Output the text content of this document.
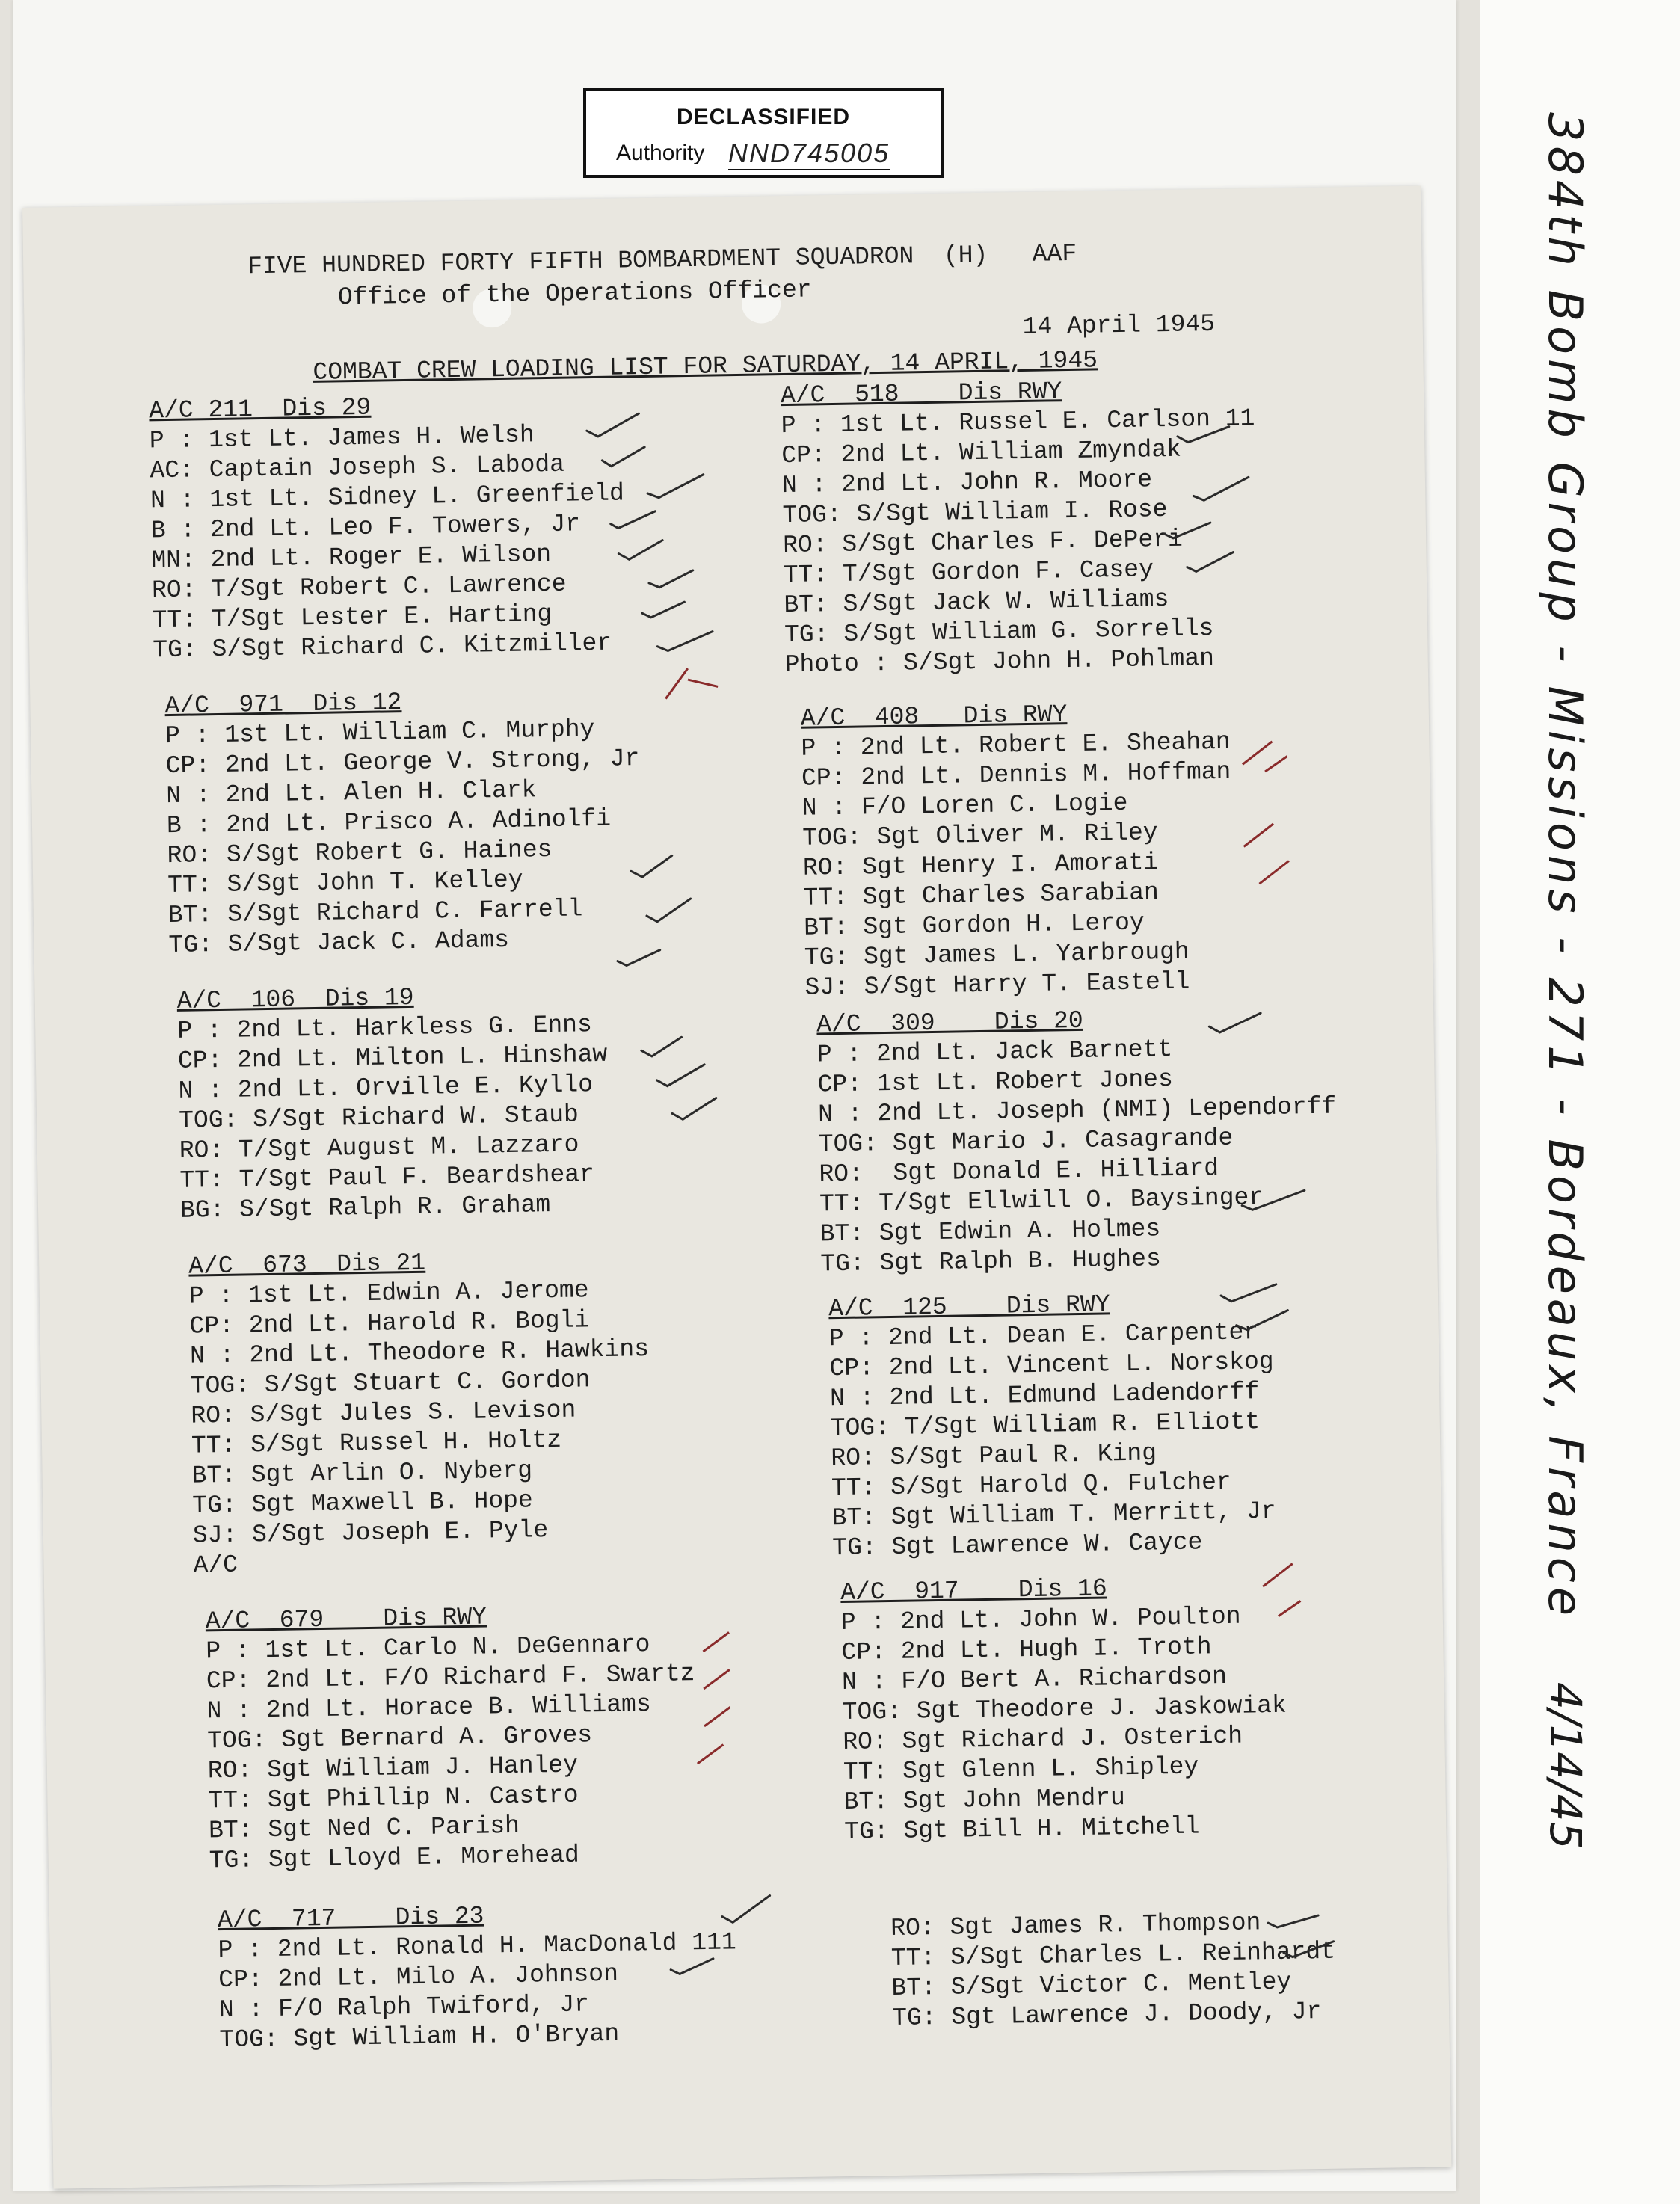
DECLASSIFIED
Authority NND745005	384th Bomb Group - Missions - 271 - Bordeaux, France
4/14/45
FIVE HUNDRED FORTY FIFTH BOMBARDMENT SQUADRON  (H)   AAF
Office of the Operations Officer
14 April 1945
COMBAT CREW LOADING LIST FOR SATURDAY, 14 APRIL, 1945
A/C 211  Dis 29
P : 1st Lt. James H. Welsh
AC: Captain Joseph S. Laboda
N : 1st Lt. Sidney L. Greenfield
B : 2nd Lt. Leo F. Towers, Jr
MN: 2nd Lt. Roger E. Wilson
RO: T/Sgt Robert C. Lawrence
TT: T/Sgt Lester E. Harting
TG: S/Sgt Richard C. Kitzmiller
A/C  971  Dis 12
P : 1st Lt. William C. Murphy
CP: 2nd Lt. George V. Strong, Jr
N : 2nd Lt. Alen H. Clark
B : 2nd Lt. Prisco A. Adinolfi
RO: S/Sgt Robert G. Haines
TT: S/Sgt John T. Kelley
BT: S/Sgt Richard C. Farrell
TG: S/Sgt Jack C. Adams
A/C  106  Dis 19
P : 2nd Lt. Harkless G. Enns
CP: 2nd Lt. Milton L. Hinshaw
N : 2nd Lt. Orville E. Kyllo
TOG: S/Sgt Richard W. Staub
RO: T/Sgt August M. Lazzaro
TT: T/Sgt Paul F. Beardshear
BG: S/Sgt Ralph R. Graham
A/C  673  Dis 21
P : 1st Lt. Edwin A. Jerome
CP: 2nd Lt. Harold R. Bogli
N : 2nd Lt. Theodore R. Hawkins
TOG: S/Sgt Stuart C. Gordon
RO: S/Sgt Jules S. Levison
TT: S/Sgt Russel H. Holtz
BT: Sgt Arlin O. Nyberg
TG: Sgt Maxwell B. Hope
SJ: S/Sgt Joseph E. Pyle
A/C
A/C  679    Dis RWY
P : 1st Lt. Carlo N. DeGennaro
CP: 2nd Lt. F/O Richard F. Swartz
N : 2nd Lt. Horace B. Williams
TOG: Sgt Bernard A. Groves
RO: Sgt William J. Hanley
TT: Sgt Phillip N. Castro
BT: Sgt Ned C. Parish
TG: Sgt Lloyd E. Morehead
A/C  717    Dis 23
P : 2nd Lt. Ronald H. MacDonald 111
CP: 2nd Lt. Milo A. Johnson
N : F/O Ralph Twiford, Jr
TOG: Sgt William H. O'Bryan
A/C  518    Dis RWY
P : 1st Lt. Russel E. Carlson 11
CP: 2nd Lt. William Zmyndak
N : 2nd Lt. John R. Moore
TOG: S/Sgt William I. Rose
RO: S/Sgt Charles F. DePeri
TT: T/Sgt Gordon F. Casey
BT: S/Sgt Jack W. Williams
TG: S/Sgt William G. Sorrells
Photo : S/Sgt John H. Pohlman
A/C  408   Dis RWY
P : 2nd Lt. Robert E. Sheahan
CP: 2nd Lt. Dennis M. Hoffman
N : F/O Loren C. Logie
TOG: Sgt Oliver M. Riley
RO: Sgt Henry I. Amorati
TT: Sgt Charles Sarabian
BT: Sgt Gordon H. Leroy
TG: Sgt James L. Yarbrough
SJ: S/Sgt Harry T. Eastell
A/C  309    Dis 20
P : 2nd Lt. Jack Barnett
CP: 1st Lt. Robert Jones
N : 2nd Lt. Joseph (NMI) Lependorff
TOG: Sgt Mario J. Casagrande
RO:  Sgt Donald E. Hilliard
TT: T/Sgt Ellwill O. Baysinger
BT: Sgt Edwin A. Holmes
TG: Sgt Ralph B. Hughes
A/C  125    Dis RWY
P : 2nd Lt. Dean E. Carpenter
CP: 2nd Lt. Vincent L. Norskog
N : 2nd Lt. Edmund Ladendorff
TOG: T/Sgt William R. Elliott
RO: S/Sgt Paul R. King
TT: S/Sgt Harold Q. Fulcher
BT: Sgt William T. Merritt, Jr
TG: Sgt Lawrence W. Cayce
A/C  917    Dis 16
P : 2nd Lt. John W. Poulton
CP: 2nd Lt. Hugh I. Troth
N : F/O Bert A. Richardson
TOG: Sgt Theodore J. Jaskowiak
RO: Sgt Richard J. Osterich
TT: Sgt Glenn L. Shipley
BT: Sgt John Mendru
TG: Sgt Bill H. Mitchell
RO: Sgt James R. Thompson
TT: S/Sgt Charles L. Reinhardt
BT: S/Sgt Victor C. Mentley
TG: Sgt Lawrence J. Doody, Jr
